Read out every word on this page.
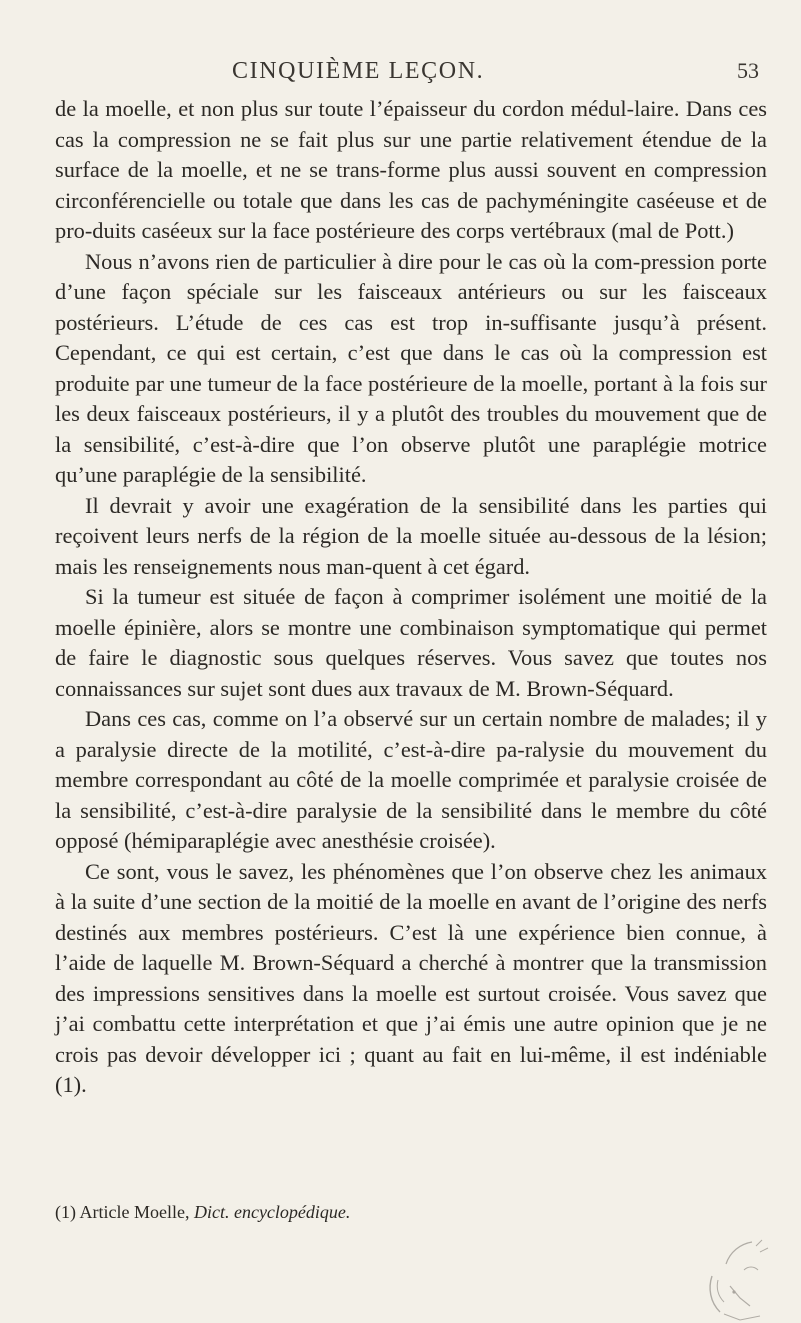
CINQUIÈME LEÇON.	53

de la moelle, et non plus sur toute l’épaisseur du cordon médul-laire. Dans ces cas la compression ne se fait plus sur une partie relativement étendue de la surface de la moelle, et ne se trans-forme plus aussi souvent en compression circonférencielle ou totale que dans les cas de pachyméningite caséeuse et de pro-duits caséeux sur la face postérieure des corps vertébraux (mal de Pott.)

Nous n’avons rien de particulier à dire pour le cas où la com-pression porte d’une façon spéciale sur les faisceaux antérieurs ou sur les faisceaux postérieurs. L’étude de ces cas est trop in-suffisante jusqu’à présent. Cependant, ce qui est certain, c’est que dans le cas où la compression est produite par une tumeur de la face postérieure de la moelle, portant à la fois sur les deux faisceaux postérieurs, il y a plutôt des troubles du mouvement que de la sensibilité, c’est-à-dire que l’on observe plutôt une paraplégie motrice qu’une paraplégie de la sensibilité.

Il devrait y avoir une exagération de la sensibilité dans les parties qui reçoivent leurs nerfs de la région de la moelle située au-dessous de la lésion; mais les renseignements nous man-quent à cet égard.

Si la tumeur est située de façon à comprimer isolément une moitié de la moelle épinière, alors se montre une combinaison symptomatique qui permet de faire le diagnostic sous quelques réserves. Vous savez que toutes nos connaissances sur sujet sont dues aux travaux de M. Brown-Séquard.

Dans ces cas, comme on l’a observé sur un certain nombre de malades; il y a paralysie directe de la motilité, c’est-à-dire pa-ralysie du mouvement du membre correspondant au côté de la moelle comprimée et paralysie croisée de la sensibilité, c’est-à-dire paralysie de la sensibilité dans le membre du côté opposé (hémiparaplégie avec anesthésie croisée).

Ce sont, vous le savez, les phénomènes que l’on observe chez les animaux à la suite d’une section de la moitié de la moelle en avant de l’origine des nerfs destinés aux membres postérieurs. C’est là une expérience bien connue, à l’aide de laquelle M. Brown-Séquard a cherché à montrer que la transmission des impressions sensitives dans la moelle est surtout croisée. Vous savez que j’ai combattu cette interprétation et que j’ai émis une autre opinion que je ne crois pas devoir développer ici ; quant au fait en lui-même, il est indéniable (1).

(1) Article Moelle, Dict. encyclopédique.
